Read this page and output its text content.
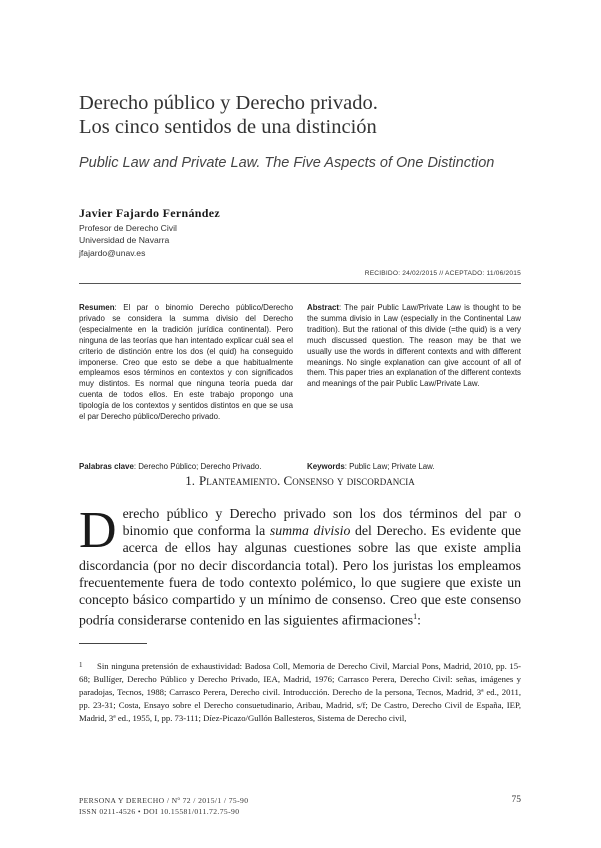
Derecho público y Derecho privado.
Los cinco sentidos de una distinción
Public Law and Private Law. The Five Aspects of One Distinction
Javier Fajardo Fernández
Profesor de Derecho Civil
Universidad de Navarra
jfajardo@unav.es
RECIBIDO: 24/02/2015 // ACEPTADO: 11/06/2015
Resumen: El par o binomio Derecho público/Derecho privado se considera la summa divisio del Derecho (especialmente en la tradición jurídica continental). Pero ninguna de las teorías que han intentado explicar cuál sea el criterio de distinción entre los dos (el quid) ha conseguido imponerse. Creo que esto se debe a que habitualmente empleamos esos términos en contextos y con significados muy distintos. Es normal que ninguna teoría pueda dar cuenta de todos ellos. En este trabajo propongo una tipología de los contextos y sentidos distintos en que se usa el par Derecho público/Derecho privado.
Palabras clave: Derecho Público; Derecho Privado.
Abstract: The pair Public Law/Private Law is thought to be the summa divisio in Law (especially in the Continental Law tradition). But the rational of this divide (=the quid) is a very much discussed question. The reason may be that we usually use the words in different contexts and with different meanings. No single explanation can give account of all of them. This paper tries an explanation of the different contexts and meanings of the pair Public Law/Private Law.
Keywords: Public Law; Private Law.
1. Planteamiento. Consenso y discordancia

Derecho público y Derecho privado son los dos términos del par o binomio que conforma la summa divisio del Derecho. Es evidente que acerca de ellos hay algunas cuestiones sobre las que existe amplia discordancia (por no decir discordancia total). Pero los juristas los empleamos frecuentemente fuera de todo contexto polémico, lo que sugiere que existe un concepto básico compartido y un mínimo de consenso. Creo que este consenso podría considerarse contenido en las siguientes afirmaciones$^1$:

1 Sin ninguna pretensión de exhaustividad: Badosa Coll, Memoria de Derecho Civil, Marcial Pons, Madrid, 2010, pp. 15-68; Bullíger, Derecho Público y Derecho Privado, IEA, Madrid, 1976; Carrasco Perera, Derecho Civil: señas, imágenes y paradojas, Tecnos, 1988; Carrasco Perera, Derecho civil. Introducción. Derecho de la persona, Tecnos, Madrid, 3ª ed., 2011, pp. 23-31; Costa, Ensayo sobre el Derecho consuetudinario, Aribau, Madrid, s/f; De Castro, Derecho Civil de España, IEP, Madrid, 3ª ed., 1955, I, pp. 73-111; Díez-Picazo/Gullón Ballesteros, Sistema de Derecho civil,
PERSONA Y DERECHO / Nº 72 / 2015/1 / 75-90
ISSN 0211-4526 • DOI 10.15581/011.72.75-90
75
